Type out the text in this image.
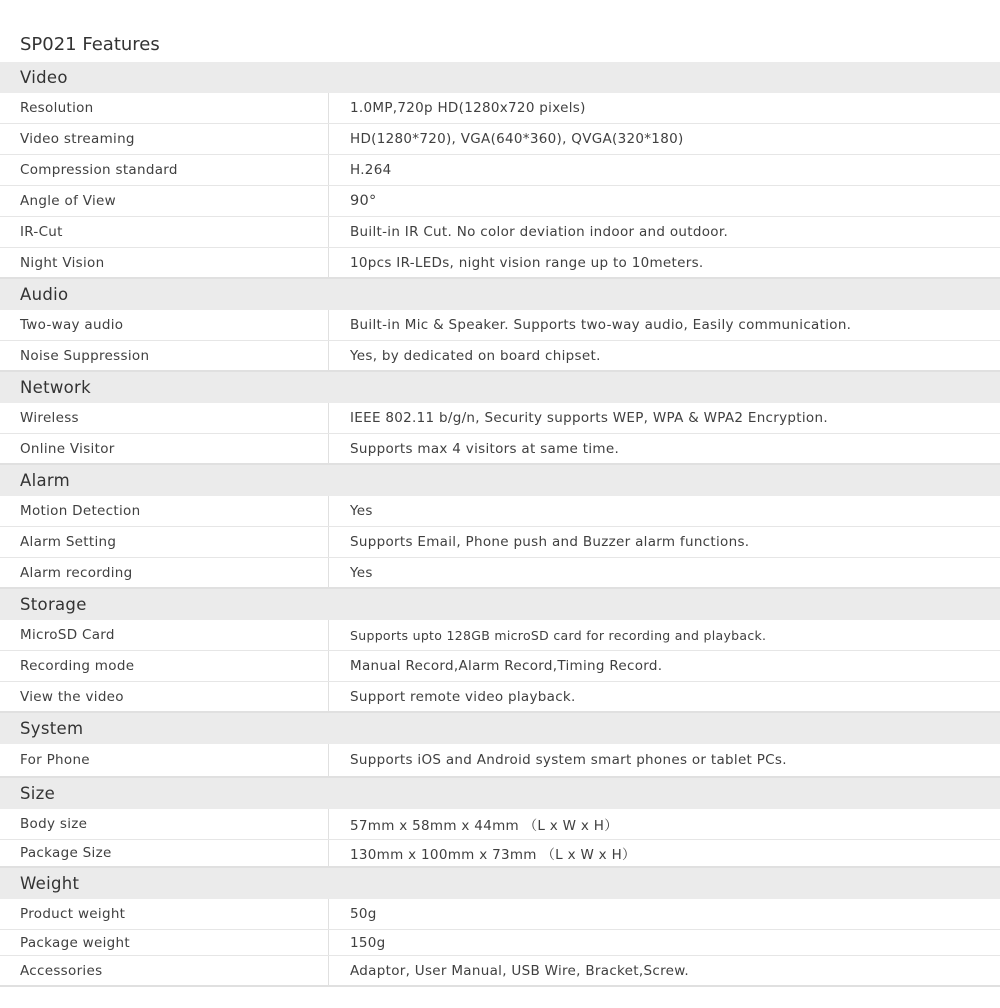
SP021 Features
Video
Resolution	1.0MP,720p HD(1280x720 pixels)
Video streaming	HD(1280*720), VGA(640*360), QVGA(320*180)
Compression standard	H.264
Angle of View	90°
IR-Cut	Built-in IR Cut. No color deviation indoor and outdoor.
Night Vision	10pcs IR-LEDs, night vision range up to 10meters.
Audio
Two-way audio	Built-in Mic & Speaker. Supports two-way audio, Easily communication.
Noise Suppression	Yes, by dedicated on board chipset.
Network
Wireless	IEEE 802.11 b/g/n, Security supports WEP, WPA & WPA2 Encryption.
Online Visitor	Supports max 4 visitors at same time.
Alarm
Motion Detection	Yes
Alarm Setting	Supports Email, Phone push and Buzzer alarm functions.
Alarm recording	Yes
Storage
MicroSD Card	Supports upto 128GB microSD card for recording and playback.
Recording mode	Manual Record,Alarm Record,Timing Record.
View the video	Support remote video playback.
System
For Phone	Supports iOS and Android system smart phones or tablet PCs.
Size
Body size	57mm x 58mm x 44mm （L x W x H）
Package Size	130mm x 100mm x 73mm （L x W x H）
Weight
Product weight	50g
Package weight	150g
Accessories	Adaptor, User Manual, USB Wire, Bracket,Screw.
